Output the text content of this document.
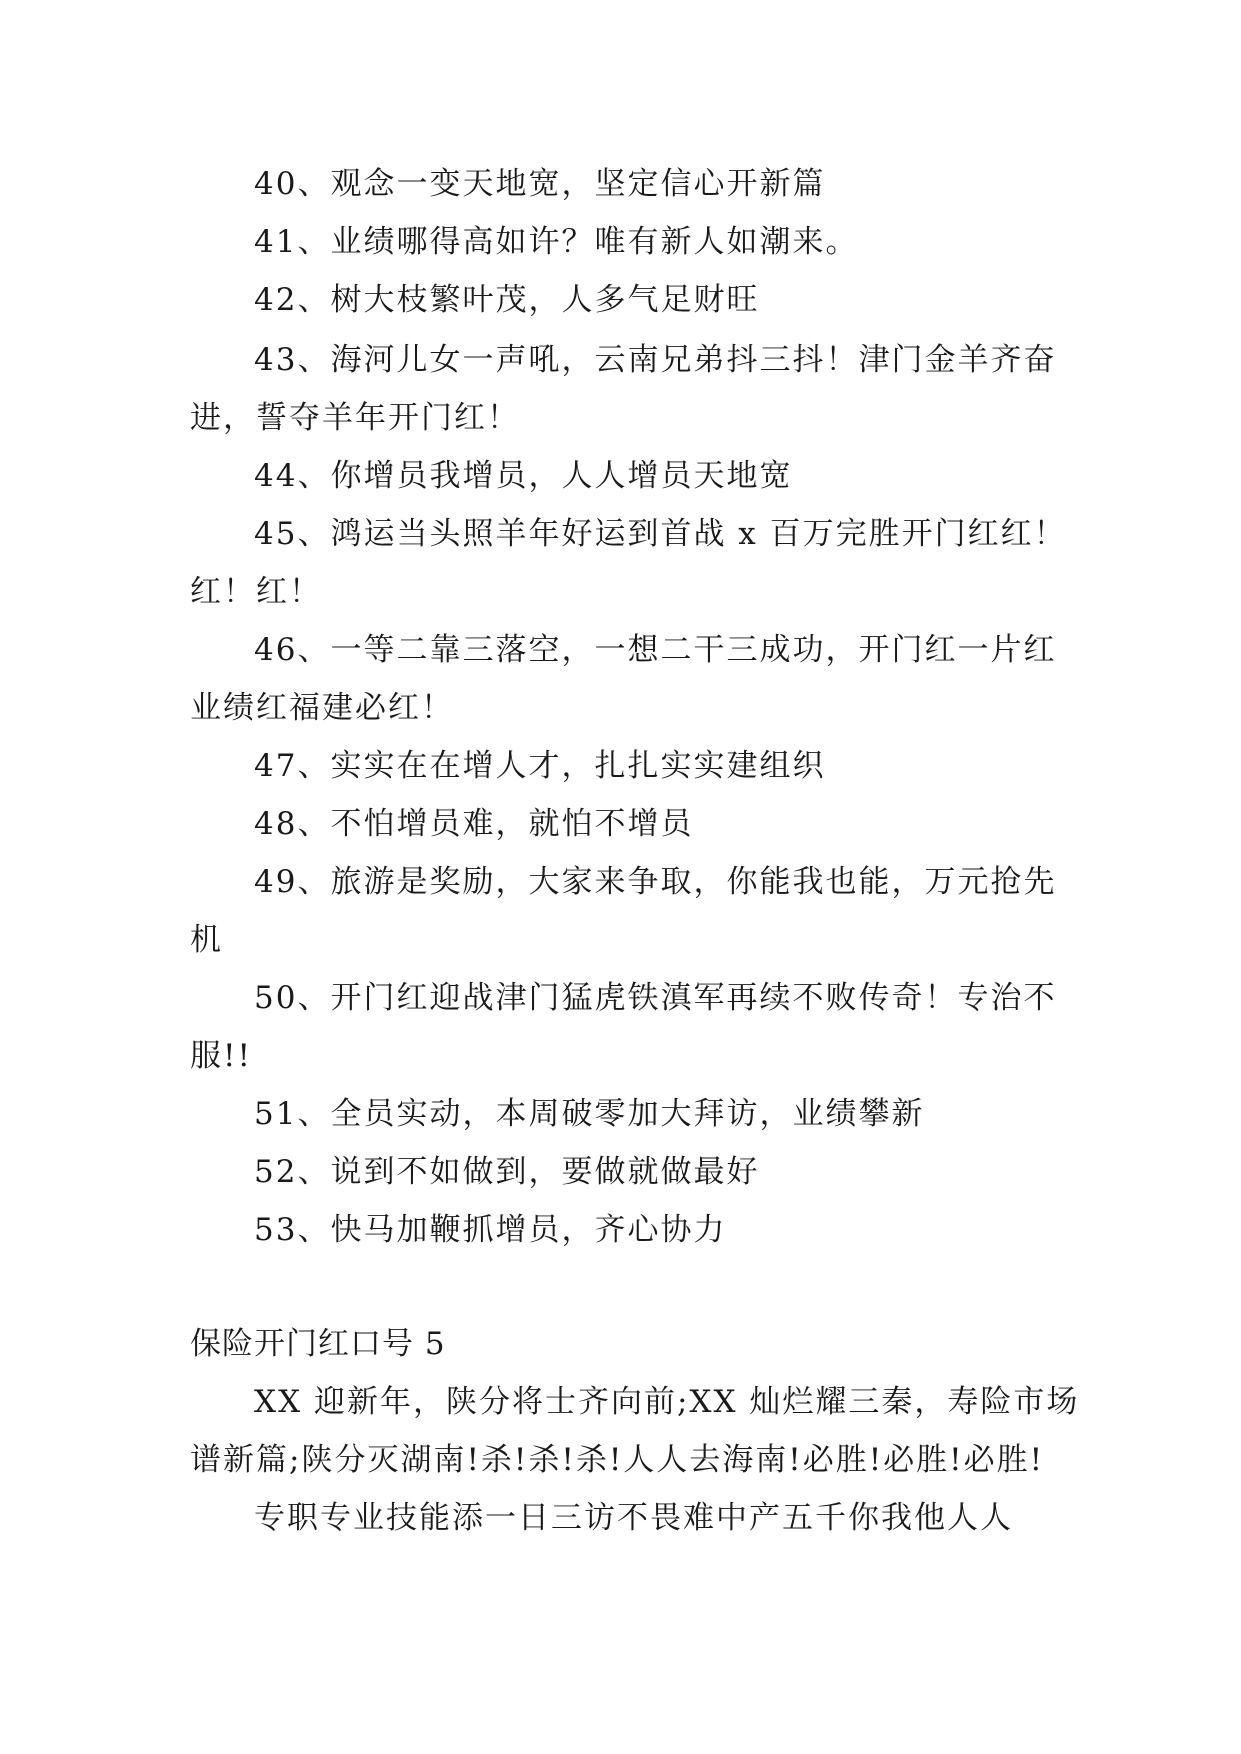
40、观念一变天地宽，坚定信心开新篇
41、业绩哪得高如许？唯有新人如潮来。
42、树大枝繁叶茂，人多气足财旺
43、海河儿女一声吼，云南兄弟抖三抖！津门金羊齐奋
进，誓夺羊年开门红！
44、你增员我增员，人人增员天地宽
45、鸿运当头照羊年好运到首战 x 百万完胜开门红红！
红！红！
46、一等二靠三落空，一想二干三成功，开门红一片红
业绩红福建必红！
47、实实在在增人才，扎扎实实建组织
48、不怕增员难，就怕不增员
49、旅游是奖励，大家来争取，你能我也能，万元抢先
机
50、开门红迎战津门猛虎铁滇军再续不败传奇！专治不
服!!
51、全员实动，本周破零加大拜访，业绩攀新
52、说到不如做到，要做就做最好
53、快马加鞭抓增员，齐心协力
保险开门红口号 5
XX 迎新年，陕分将士齐向前;XX 灿烂耀三秦，寿险市场
谱新篇;陕分灭湖南!杀!杀!杀!人人去海南!必胜!必胜!必胜!
专职专业技能添一日三访不畏难中产五千你我他人人
